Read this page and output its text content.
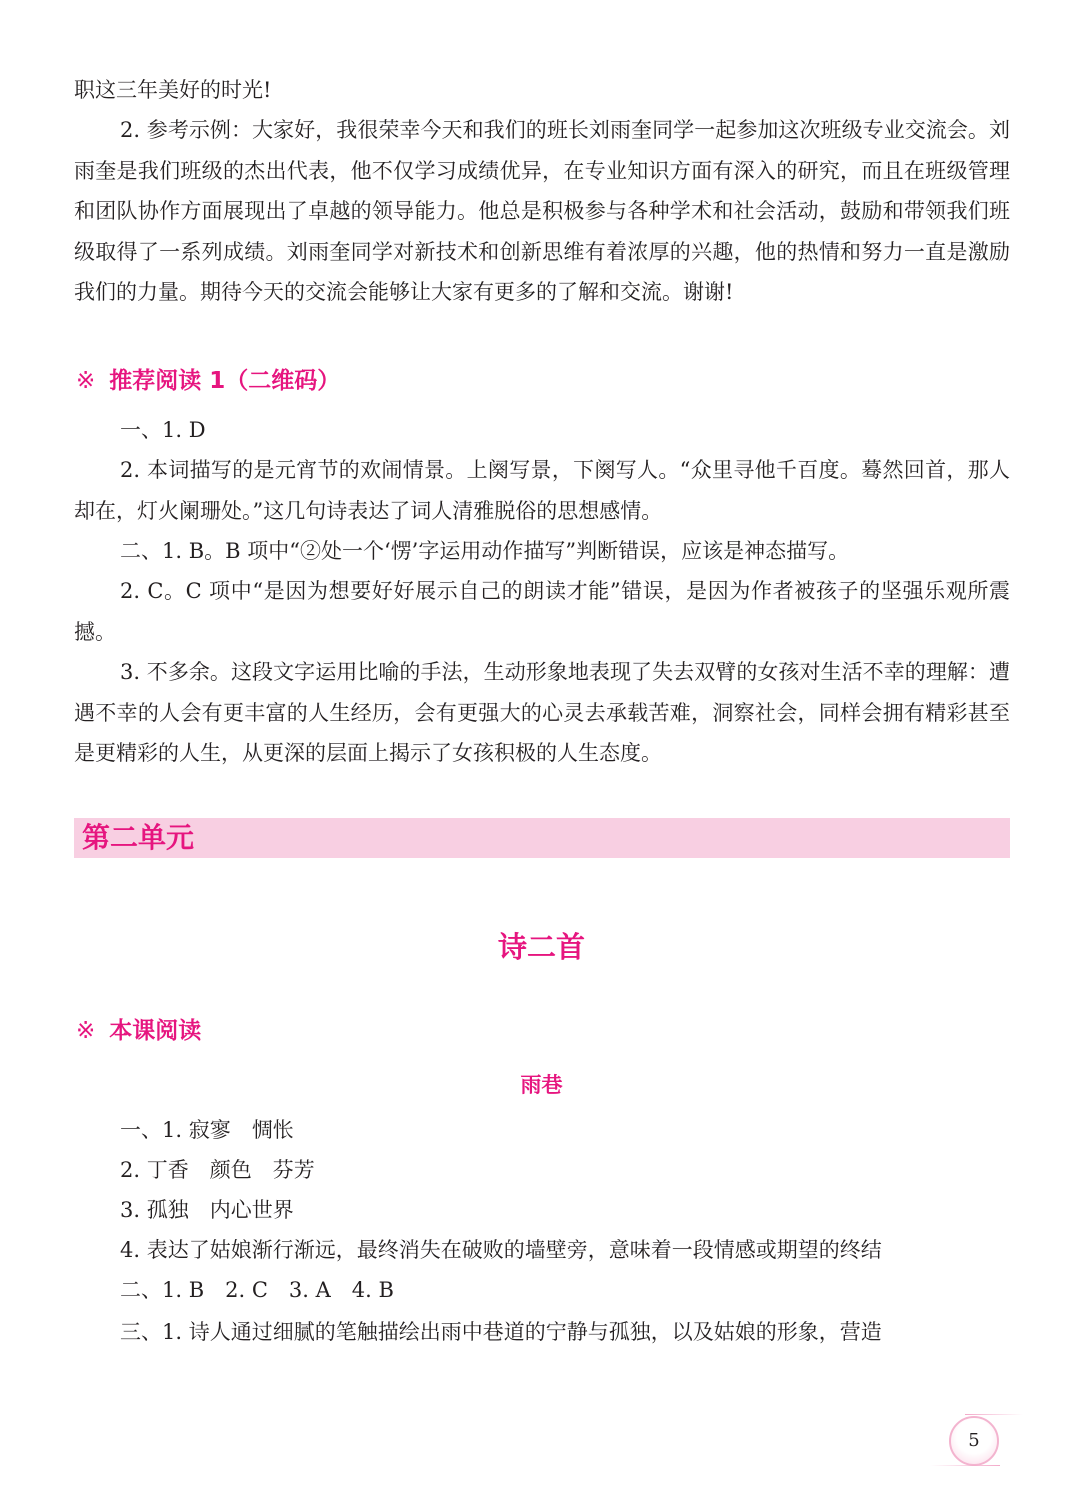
职这三年美好的时光!

2. 参考示例：大家好，我很荣幸今天和我们的班长刘雨奎同学一起参加这次班级专业交流会。刘雨奎是我们班级的杰出代表，他不仅学习成绩优异，在专业知识方面有深入的研究，而且在班级管理和团队协作方面展现出了卓越的领导能力。他总是积极参与各种学术和社会活动，鼓励和带领我们班级取得了一系列成绩。刘雨奎同学对新技术和创新思维有着浓厚的兴趣，他的热情和努力一直是激励我们的力量。期待今天的交流会能够让大家有更多的了解和交流。谢谢!

※ 推荐阅读 1（二维码）

一、1. D

2. 本词描写的是元宵节的欢闹情景。上阕写景，下阕写人。“众里寻他千百度。蓦然回首，那人却在，灯火阑珊处。”这几句诗表达了词人清雅脱俗的思想感情。

二、1. B。B 项中“②处一个‘愣’字运用动作描写”判断错误，应该是神态描写。

2. C。C 项中“是因为想要好好展示自己的朗读才能”错误，是因为作者被孩子的坚强乐观所震撼。

3. 不多余。这段文字运用比喻的手法，生动形象地表现了失去双臂的女孩对生活不幸的理解：遭遇不幸的人会有更丰富的人生经历，会有更强大的心灵去承载苦难，洞察社会，同样会拥有精彩甚至是更精彩的人生，从更深的层面上揭示了女孩积极的人生态度。

第二单元
诗二首
※ 本课阅读
雨巷

一、1. 寂寥　惆怅

2. 丁香　颜色　芬芳

3. 孤独　内心世界

4. 表达了姑娘渐行渐远，最终消失在破败的墙壁旁，意味着一段情感或期望的终结

二、1. B　2. C　3. A　4. B

三、1. 诗人通过细腻的笔触描绘出雨中巷道的宁静与孤独，以及姑娘的形象，营造

5
